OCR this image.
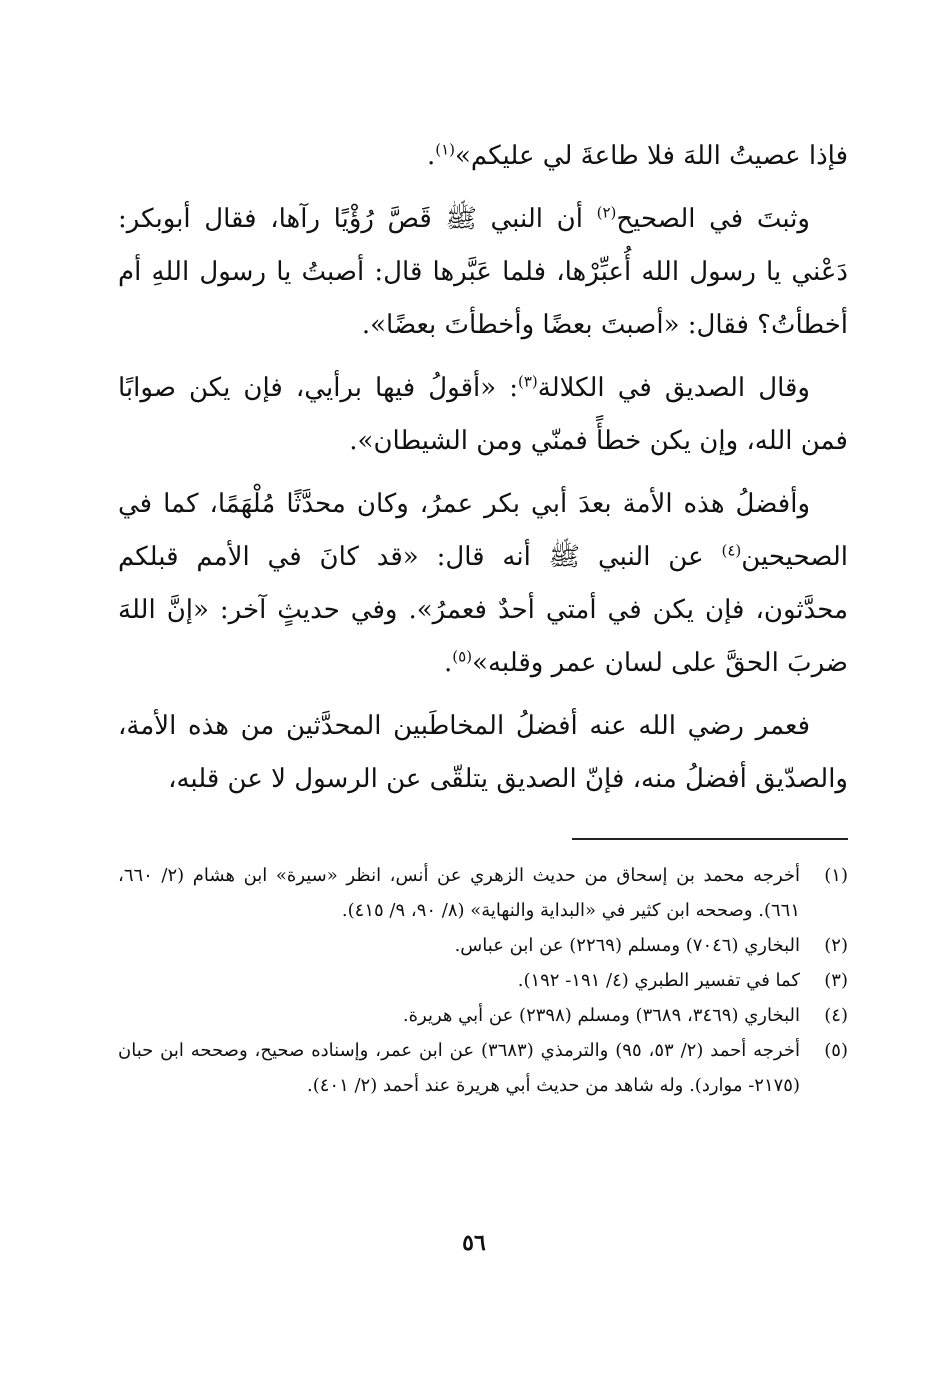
فإذا عصيتُ اللهَ فلا طاعةَ لي عليكم»$^{(١)}$.

وثبتَ في الصحيح$^{(٢)}$ أن النبي ﷺ قَصَّ رُؤْيًا رآها، فقال أبوبكر: دَعْني يا رسول الله أُعبِّرْها، فلما عَبَّرها قال: أصبتُ يا رسول اللهِ أم أخطأتُ؟ فقال: «أصبتَ بعضًا وأخطأتَ بعضًا».

وقال الصديق في الكلالة$^{(٣)}$: «أقولُ فيها برأيي، فإن يكن صوابًا فمن الله، وإن يكن خطأً فمنّي ومن الشيطان».

وأفضلُ هذه الأمة بعدَ أبي بكر عمرُ، وكان محدَّثًا مُلْهَمًا، كما في الصحيحين$^{(٤)}$ عن النبي ﷺ أنه قال: «قد كانَ في الأمم قبلكم محدَّثون، فإن يكن في أمتي أحدٌ فعمرُ». وفي حديثٍ آخر: «إنَّ اللهَ ضربَ الحقَّ على لسان عمر وقلبه»$^{(٥)}$.

فعمر رضي الله عنه أفضلُ المخاطَبين المحدَّثين من هذه الأمة، والصدّيق أفضلُ منه، فإنّ الصديق يتلقّى عن الرسول لا عن قلبه،

(١)
أخرجه محمد بن إسحاق من حديث الزهري عن أنس، انظر «سيرة» ابن هشام (٢/ ٦٦٠، ٦٦١). وصححه ابن كثير في «البداية والنهاية» (٨/ ٩٠، ٩/ ٤١٥).
(٢)
البخاري (٧٠٤٦) ومسلم (٢٢٦٩) عن ابن عباس.
(٣)
كما في تفسير الطبري (٤/ ١٩١- ١٩٢).
(٤)
البخاري (٣٤٦٩، ٣٦٨٩) ومسلم (٢٣٩٨) عن أبي هريرة.
(٥)
أخرجه أحمد (٢/ ٥٣، ٩٥) والترمذي (٣٦٨٣) عن ابن عمر، وإسناده صحيح، وصححه ابن حبان (٢١٧٥- موارد). وله شاهد من حديث أبي هريرة عند أحمد (٢/ ٤٠١).
٥٦
